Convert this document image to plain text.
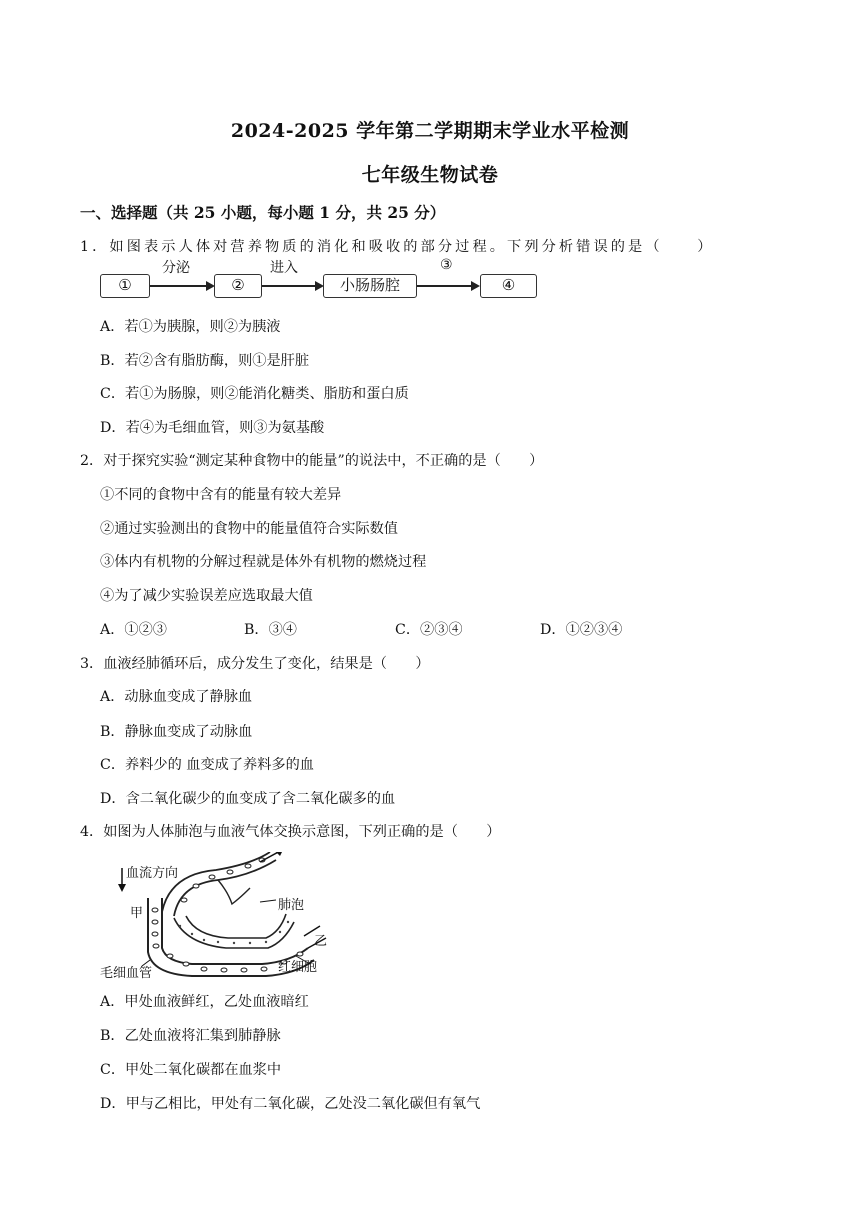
2024-2025 学年第二学期期末学业水平检测
七年级生物试卷
一、选择题（共 25 小题，每小题 1 分，共 25 分）
1．如图表示人体对营养物质的消化和吸收的部分过程。下列分析错误的是（　　）
①
分泌
②
进入
小肠肠腔
③
④
A．若①为胰腺，则②为胰液
B．若②含有脂肪酶，则①是肝脏
C．若①为肠腺，则②能消化糖类、脂肪和蛋白质
D．若④为毛细血管，则③为氨基酸
2．对于探究实验“测定某种食物中的能量”的说法中，不正确的是（　　）
①不同的食物中含有的能量有较大差异
②通过实验测出的食物中的能量值符合实际数值
③体内有机物的分解过程就是体外有机物的燃烧过程
④为了减少实验误差应选取最大值
A．①②③	B．③④	C．②③④	D．①②③④
3．血液经肺循环后，成分发生了变化，结果是（　　）
A．动脉血变成了静脉血
B．静脉血变成了动脉血
C．养料少的 血变成了养料多的血
D．含二氧化碳少的血变成了含二氧化碳多的血
4．如图为人体肺泡与血液气体交换示意图，下列正确的是（　　）
血流方向
甲
肺泡
乙
红细胞
毛细血管
A．甲处血液鲜红，乙处血液暗红
B．乙处血液将汇集到肺静脉
C．甲处二氧化碳都在血浆中
D．甲与乙相比，甲处有二氧化碳，乙处没二氧化碳但有氧气
